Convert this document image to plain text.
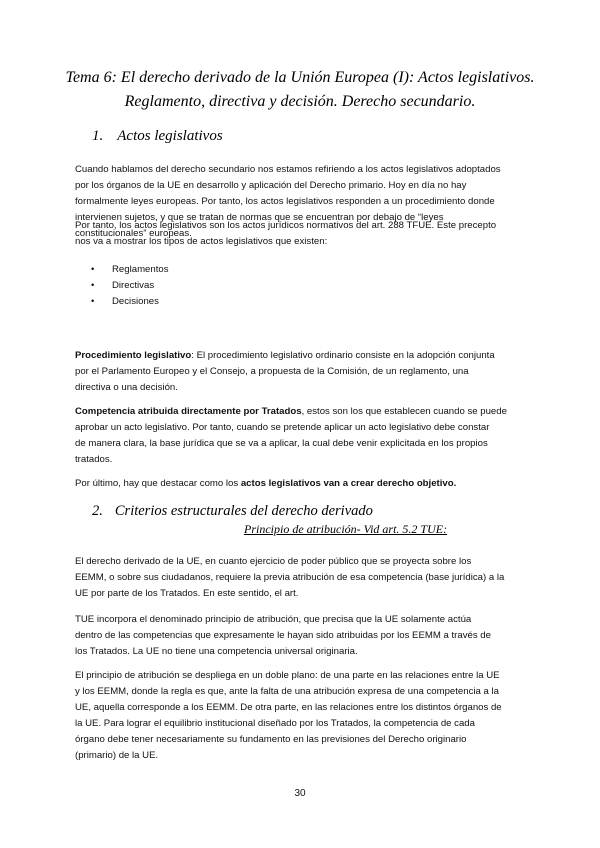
Tema 6: El derecho derivado de la Unión Europea (I): Actos legislativos.
Reglamento, directiva y decisión. Derecho secundario.
1. Actos legislativos

Cuando hablamos del derecho secundario nos estamos refiriendo a los actos legislativos adoptados
por los órganos de la UE en desarrollo y aplicación del Derecho primario. Hoy en día no hay
formalmente leyes europeas. Por tanto, los actos legislativos responden a un procedimiento donde
intervienen sujetos, y que se tratan de normas que se encuentran por debajo de “leyes
constitucionales” europeas.

Por tanto, los actos legislativos son los actos jurídicos normativos del art. 288 TFUE. Este precepto
nos va a mostrar los tipos de actos legislativos que existen:

• Reglamentos
• Directivas
• Decisiones

Procedimiento legislativo: El procedimiento legislativo ordinario consiste en la adopción conjunta
por el Parlamento Europeo y el Consejo, a propuesta de la Comisión, de un reglamento, una
directiva o una decisión.

Competencia atribuida directamente por Tratados, estos son los que establecen cuando se puede
aprobar un acto legislativo. Por tanto, cuando se pretende aplicar un acto legislativo debe constar
de manera clara, la base jurídica que se va a aplicar, la cual debe venir explicitada en los propios
tratados.

Por último, hay que destacar como los actos legislativos van a crear derecho objetivo.

2. Criterios estructurales del derecho derivado
Principio de atribución- Vid art. 5.2 TUE:

El derecho derivado de la UE, en cuanto ejercicio de poder público que se proyecta sobre los
EEMM, o sobre sus ciudadanos, requiere la previa atribución de esa competencia (base jurídica) a la
UE por parte de los Tratados. En este sentido, el art.

TUE incorpora el denominado principio de atribución, que precisa que la UE solamente actúa
dentro de las competencias que expresamente le hayan sido atribuidas por los EEMM a través de
los Tratados. La UE no tiene una competencia universal originaria.

El principio de atribución se despliega en un doble plano: de una parte en las relaciones entre la UE
y los EEMM, donde la regla es que, ante la falta de una atribución expresa de una competencia a la
UE, aquella corresponde a los EEMM. De otra parte, en las relaciones entre los distintos órganos de
la UE. Para lograr el equilibrio institucional diseñado por los Tratados, la competencia de cada
órgano debe tener necesariamente su fundamento en las previsiones del Derecho originario
(primario) de la UE.

30
